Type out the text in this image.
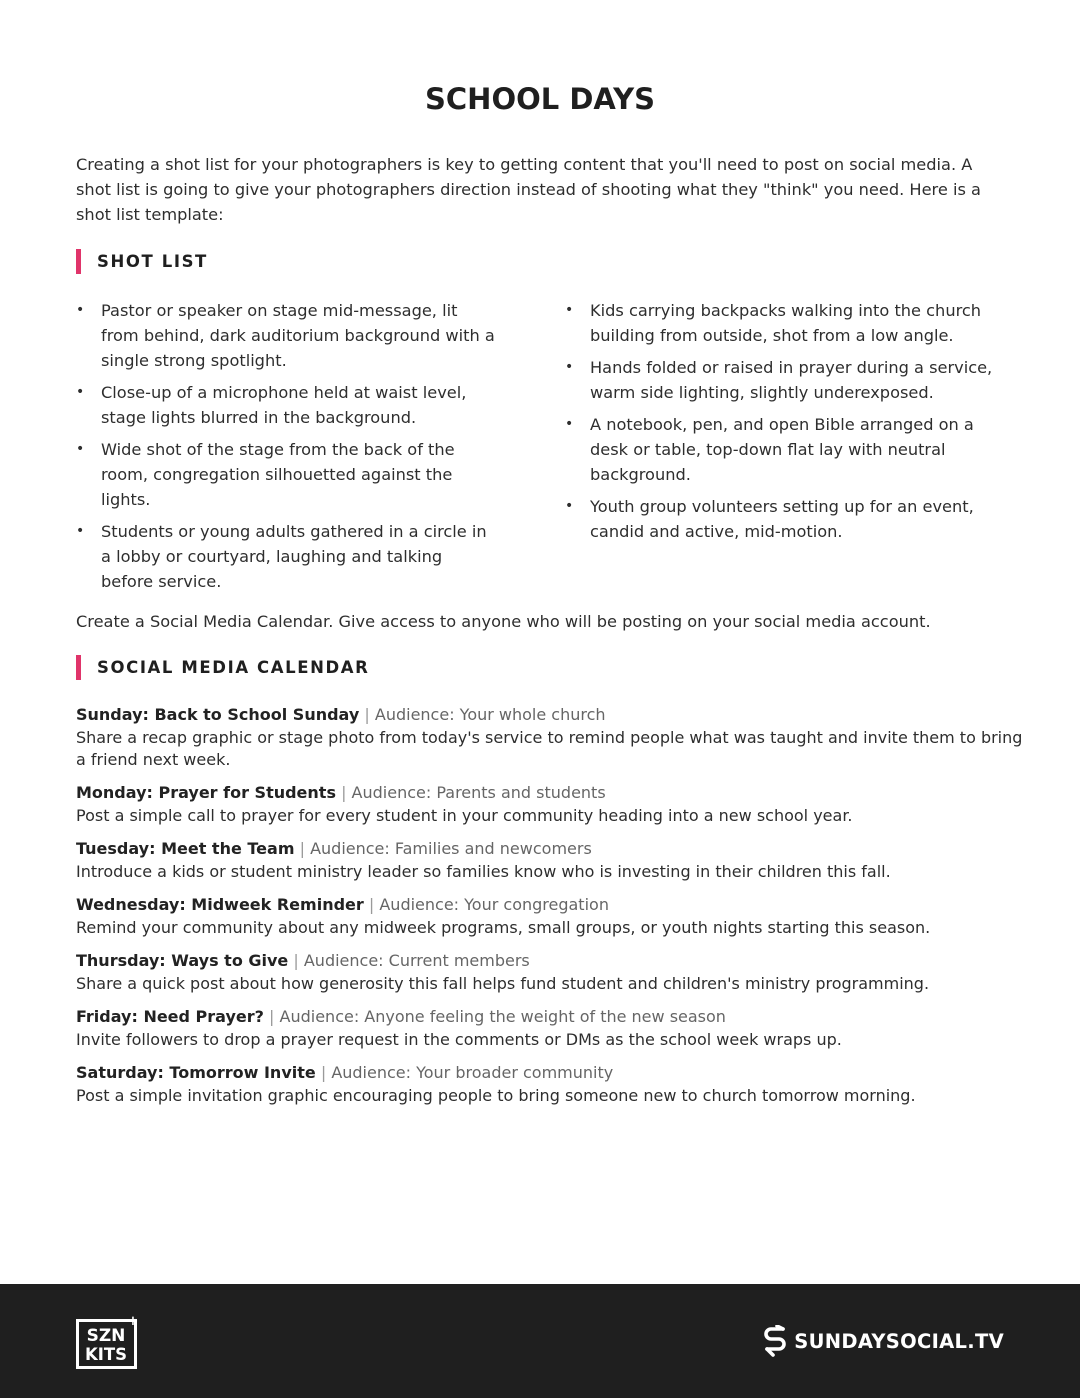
SCHOOL DAYS

Creating a shot list for your photographers is key to getting content that you'll need to post on social media. A shot list is going to give your photographers direction instead of shooting what they "think" you need. Here is a shot list template:

SHOT LIST
• Pastor or speaker on stage mid-message, lit from behind, dark auditorium background with a single strong spotlight.
• Close-up of a microphone held at waist level, stage lights blurred in the background.
• Wide shot of the stage from the back of the room, congregation silhouetted against the lights.
• Students or young adults gathered in a circle in a lobby or courtyard, laughing and talking before service.
• Kids carrying backpacks walking into the church building from outside, shot from a low angle.
• Hands folded or raised in prayer during a service, warm side lighting, slightly underexposed.
• A notebook, pen, and open Bible arranged on a desk or table, top-down flat lay with neutral background.
• Youth group volunteers setting up for an event, candid and active, mid-motion.

Create a Social Media Calendar. Give access to anyone who will be posting on your social media account.

SOCIAL MEDIA CALENDAR
Sunday: Back to School Sunday | Audience: Your whole church
Share a recap graphic or stage photo from today's service to remind people what was taught and invite them to bring a friend next week.
Monday: Prayer for Students | Audience: Parents and students
Post a simple call to prayer for every student in your community heading into a new school year.
Tuesday: Meet the Team | Audience: Families and newcomers
Introduce a kids or student ministry leader so families know who is investing in their children this fall.
Wednesday: Midweek Reminder | Audience: Your congregation
Remind your community about any midweek programs, small groups, or youth nights starting this season.
Thursday: Ways to Give | Audience: Current members
Share a quick post about how generosity this fall helps fund student and children's ministry programming.
Friday: Need Prayer? | Audience: Anyone feeling the weight of the new season
Invite followers to drop a prayer request in the comments or DMs as the school week wraps up.
Saturday: Tomorrow Invite | Audience: Your broader community
Post a simple invitation graphic encouraging people to bring someone new to church tomorrow morning.
SZN
KITS
+
SUNDAYSOCIAL.TV
